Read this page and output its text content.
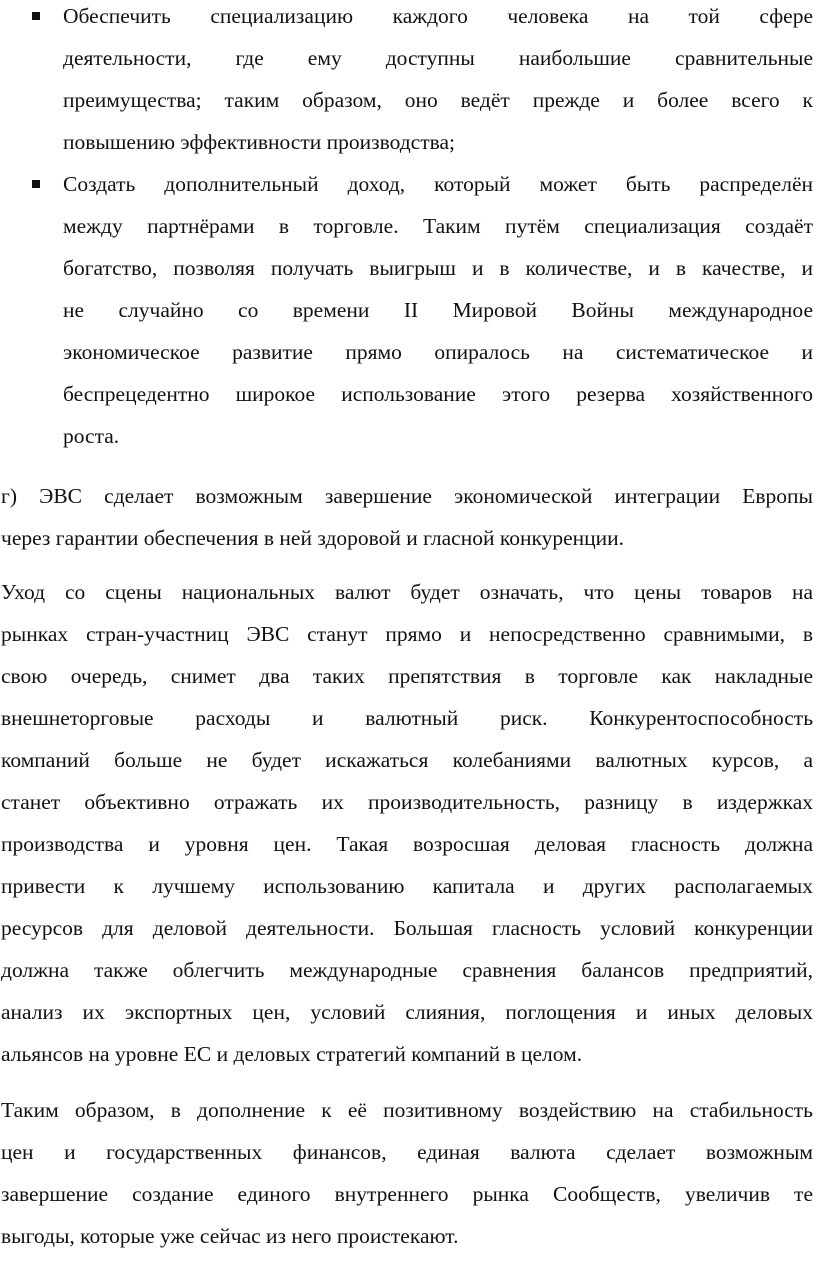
Обеспечить специализацию каждого человека на той сфере
деятельности, где ему доступны наибольшие сравнительные
преимущества; таким образом, оно ведёт прежде и более всего к
повышению эффективности производства;
Создать дополнительный доход, который может быть распределён
между партнёрами в торговле. Таким путём специализация создаёт
богатство, позволяя получать выигрыш и в количестве, и в качестве, и
не случайно со времени II Мировой Войны международное
экономическое развитие прямо опиралось на систематическое и
беспрецедентно широкое использование этого резерва хозяйственного
роста.
г) ЭВС сделает возможным завершение экономической интеграции Европы
через гарантии обеспечения в ней здоровой и гласной конкуренции.
Уход со сцены национальных валют будет означать, что цены товаров на
рынках стран-участниц ЭВС станут прямо и непосредственно сравнимыми, в
свою очередь, снимет два таких препятствия в торговле как накладные
внешнеторговые расходы и валютный риск. Конкурентоспособность
компаний больше не будет искажаться колебаниями валютных курсов, а
станет объективно отражать их производительность, разницу в издержках
производства и уровня цен. Такая возросшая деловая гласность должна
привести к лучшему использованию капитала и других располагаемых
ресурсов для деловой деятельности. Большая гласность условий конкуренции
должна также облегчить международные сравнения балансов предприятий,
анализ их экспортных цен, условий слияния, поглощения и иных деловых
альянсов на уровне ЕС и деловых стратегий компаний в целом.
Таким образом, в дополнение к её позитивному воздействию на стабильность
цен и государственных финансов, единая валюта сделает возможным
завершение создание единого внутреннего рынка Сообществ, увеличив те
выгоды, которые уже сейчас из него проистекают.
